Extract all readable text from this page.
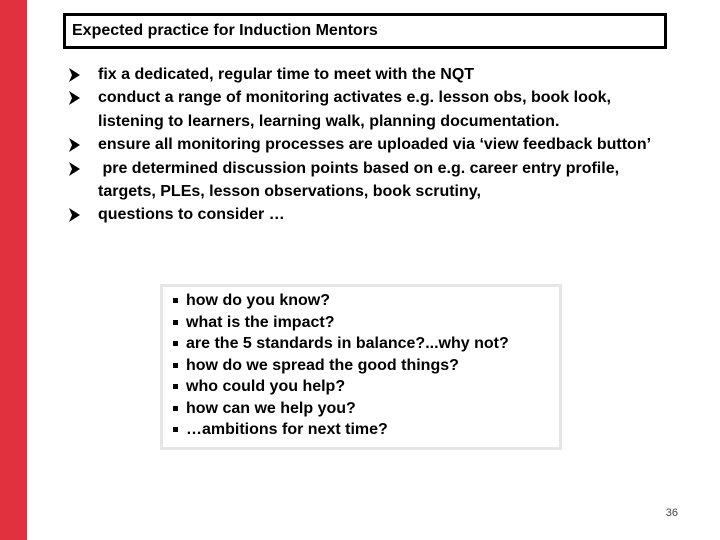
Expected practice for Induction Mentors
fix a dedicated, regular time to meet with the NQT
conduct a range of monitoring activates e.g. lesson obs, book look, listening to learners, learning walk, planning documentation.
ensure all monitoring processes are uploaded via ‘view feedback button’
pre determined discussion points based on e.g. career entry profile, targets, PLEs, lesson observations, book scrutiny,
questions to consider …
how do you know?
what is the impact?
are the 5 standards in balance?...why not?
how do we spread the good things?
who could you help?
how can we help you?
…ambitions for next time?
36
